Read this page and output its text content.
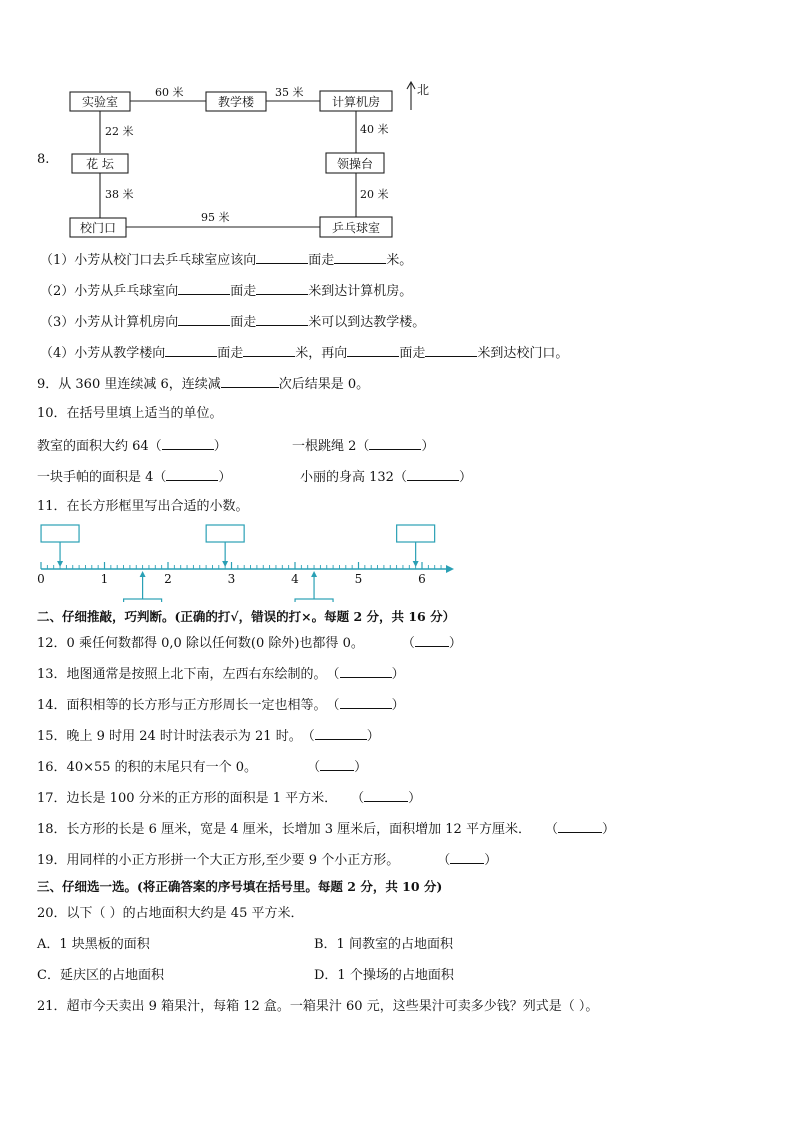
8.
实验室	教学楼	计算机房
花 坛	领操台
校门口	乒乓球室
60 米	35 米
22 米	40 米
38 米	20 米
95 米
北
（1）小芳从校门口去乒乓球室应该向	面走	米。
（2）小芳从乒乓球室向	面走	米到达计算机房。
（3）小芳从计算机房向	面走	米可以到达教学楼。
（4）小芳从教学楼向	面走	米，再向	面走	米到达校门口。
9．从 360 里连续减 6，连续减	次后结果是 0。
10．在括号里填上适当的单位。
教室的面积大约 64（	）	一根跳绳 2（	）
一块手帕的面积是 4（	）	小丽的身高 132（	）
11．在长方形框里写出合适的小数。
0	1	2	3	4	5	6
二、仔细推敲，巧判断。(正确的打√，错误的打×。每题 2 分，共 16 分）
12．0 乘任何数都得 0,0 除以任何数(0 除外)也都得 0。	（	）
13．地图通常是按照上北下南，左西右东绘制的。（	）
14．面积相等的长方形与正方形周长一定也相等。（	）
15．晚上 9 时用 24 时计时法表示为 21 时。（	）
16．40×55 的积的末尾只有一个 0。	（	）
17．边长是 100 分米的正方形的面积是 1 平方米． （	）
18．长方形的长是 6 厘米，宽是 4 厘米，长增加 3 厘米后，面积增加 12 平方厘米． （	）
19．用同样的小正方形拼一个大正方形,至少要 9 个小正方形。	（	）
三、仔细选一选。(将正确答案的序号填在括号里。每题 2 分，共 10 分)
20．以下（ ）的占地面积大约是 45 平方米．
A．1 块黑板的面积	B．1 间教室的占地面积
C．延庆区的占地面积	D．1 个操场的占地面积
21．超市今天卖出 9 箱果汁，每箱 12 盒。一箱果汁 60 元，这些果汁可卖多少钱？列式是（ ）。
